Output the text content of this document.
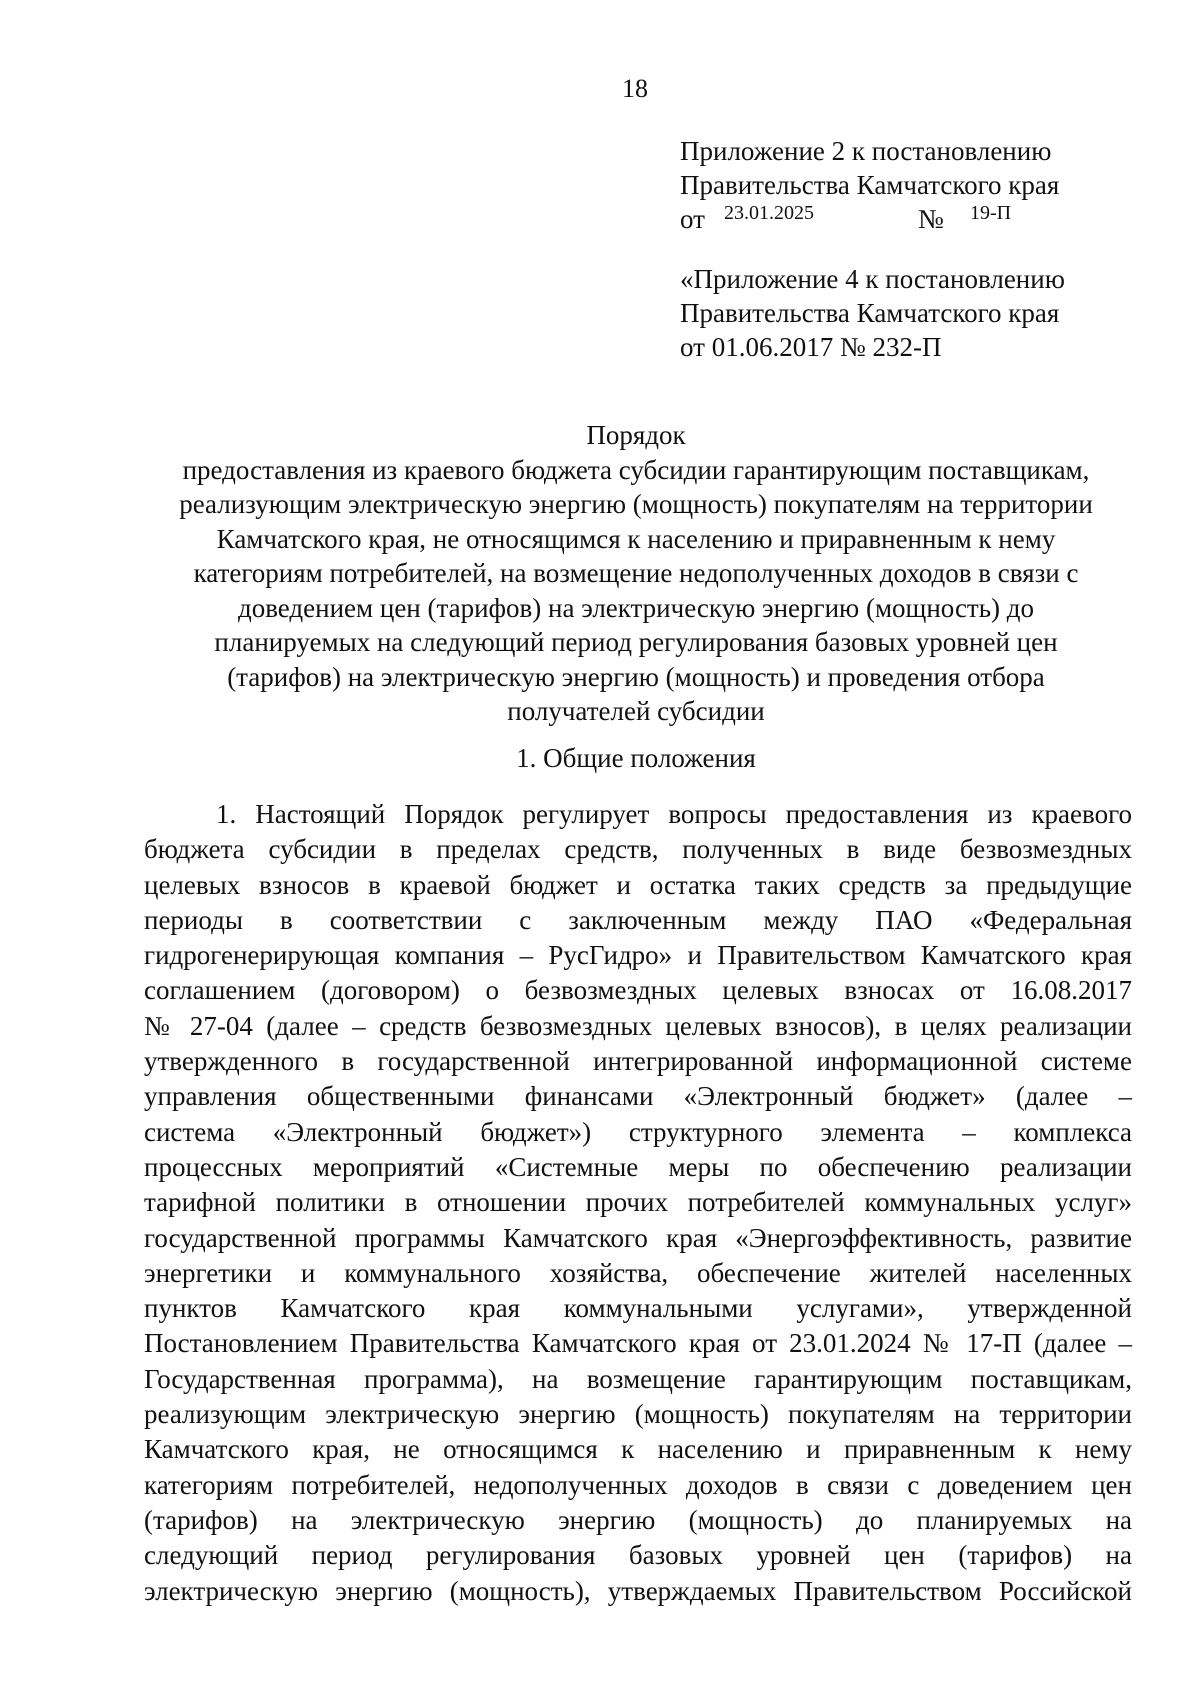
18
Приложение 2 к постановлению
Правительства Камчатского края
от 23.01.2025	№ 19-П
«Приложение 4 к постановлению
Правительства Камчатского края
от 01.06.2017 № 232-П
Порядок
предоставления из краевого бюджета субсидии гарантирующим поставщикам,
реализующим электрическую энергию (мощность) покупателям на территории
Камчатского края, не относящимся к населению и приравненным к нему
категориям потребителей, на возмещение недополученных доходов в связи с
доведением цен (тарифов) на электрическую энергию (мощность) до
планируемых на следующий период регулирования базовых уровней цен
(тарифов) на электрическую энергию (мощность) и проведения отбора
получателей субсидии
1. Общие положения
1. Настоящий Порядок регулирует вопросы предоставления из краевого
бюджета субсидии в пределах средств, полученных в виде безвозмездных
целевых взносов в краевой бюджет и остатка таких средств за предыдущие
периоды в соответствии с заключенным между ПАО «Федеральная
гидрогенерирующая компания – РусГидро» и Правительством Камчатского края
соглашением (договором) о безвозмездных целевых взносах от 16.08.2017
№ 27-04 (далее – средств безвозмездных целевых взносов), в целях реализации
утвержденного в государственной интегрированной информационной системе
управления общественными финансами «Электронный бюджет» (далее –
система «Электронный бюджет») структурного элемента – комплекса
процессных мероприятий «Системные меры по обеспечению реализации
тарифной политики в отношении прочих потребителей коммунальных услуг»
государственной программы Камчатского края «Энергоэффективность, развитие
энергетики и коммунального хозяйства, обеспечение жителей населенных
пунктов Камчатского края коммунальными услугами», утвержденной
Постановлением Правительства Камчатского края от 23.01.2024 № 17-П (далее –
Государственная программа), на возмещение гарантирующим поставщикам,
реализующим электрическую энергию (мощность) покупателям на территории
Камчатского края, не относящимся к населению и приравненным к нему
категориям потребителей, недополученных доходов в связи с доведением цен
(тарифов) на электрическую энергию (мощность) до планируемых на
следующий период регулирования базовых уровней цен (тарифов) на
электрическую энергию (мощность), утверждаемых Правительством Российской
